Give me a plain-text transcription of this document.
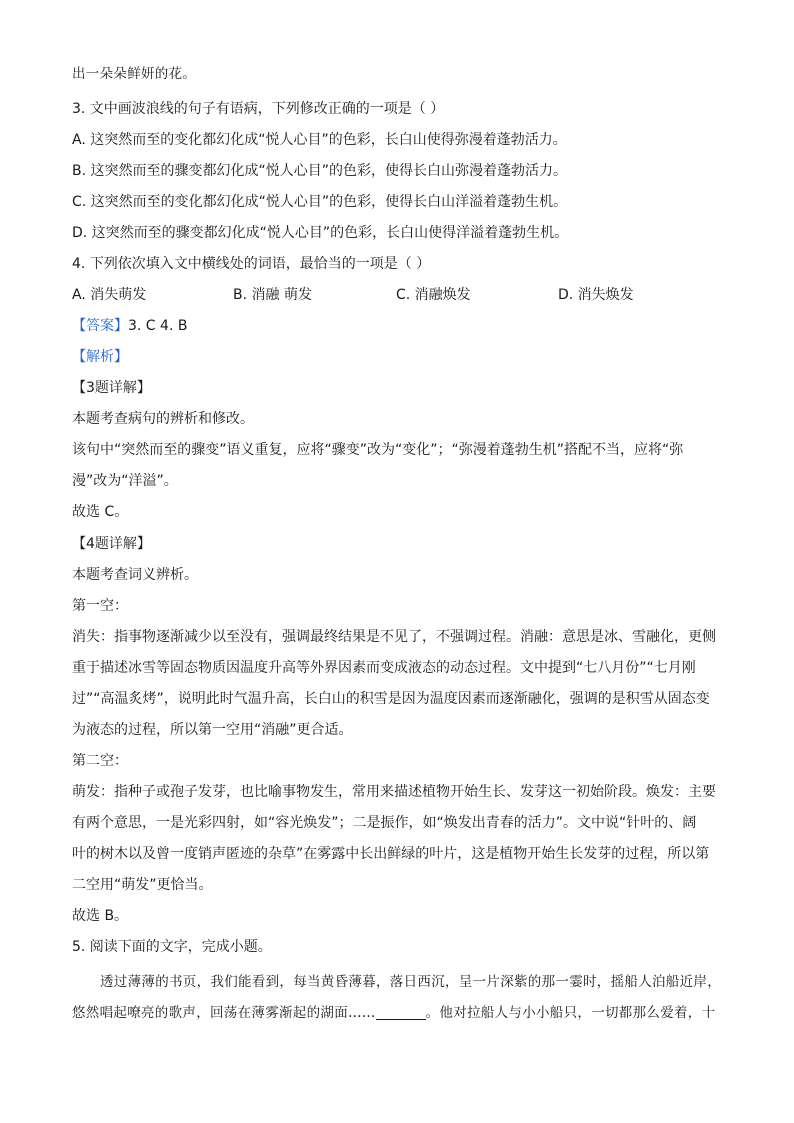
出一朵朵鲜妍的花。
3. 文中画波浪线的句子有语病，下列修改正确的一项是（ ）
A. 这突然而至的变化都幻化成“悦人心目”的色彩，长白山使得弥漫着蓬勃活力。
B. 这突然而至的骤变都幻化成“悦人心目”的色彩，使得长白山弥漫着蓬勃活力。
C. 这突然而至的变化都幻化成“悦人心目”的色彩，使得长白山洋溢着蓬勃生机。
D. 这突然而至的骤变都幻化成“悦人心目”的色彩，长白山使得洋溢着蓬勃生机。
4. 下列依次填入文中横线处的词语，最恰当的一项是（ ）
A. 消失萌发	B. 消融 萌发	C. 消融焕发	D. 消失焕发
【答案】3. C 4. B
【解析】
【3题详解】
本题考查病句的辨析和修改。
该句中“突然而至的骤变”语义重复，应将“骤变”改为“变化”；“弥漫着蓬勃生机”搭配不当，应将“弥
漫”改为“洋溢”。
故选 C。
【4题详解】
本题考查词义辨析。
第一空：
消失：指事物逐渐减少以至没有，强调最终结果是不见了，不强调过程。消融：意思是冰、雪融化，更侧
重于描述冰雪等固态物质因温度升高等外界因素而变成液态的动态过程。文中提到“七八月份”“七月刚
过”“高温炙烤”，说明此时气温升高，长白山的积雪是因为温度因素而逐渐融化，强调的是积雪从固态变
为液态的过程，所以第一空用“消融”更合适。
第二空：
萌发：指种子或孢子发芽，也比喻事物发生，常用来描述植物开始生长、发芽这一初始阶段。焕发：主要
有两个意思，一是光彩四射，如“容光焕发”；二是振作，如“焕发出青春的活力”。文中说“针叶的、阔
叶的树木以及曾一度销声匿迹的杂草”在雾露中长出鲜绿的叶片，这是植物开始生长发芽的过程，所以第
二空用“萌发”更恰当。
故选 B。
5. 阅读下面的文字，完成小题。
透过薄薄的书页，我们能看到，每当黄昏薄暮，落日西沉，呈一片深紫的那一霎时，摇船人泊船近岸，
悠然唱起嘹亮的歌声，回荡在薄雾渐起的湖面……	。他对拉船人与小小船只，一切都那么爱着，十
